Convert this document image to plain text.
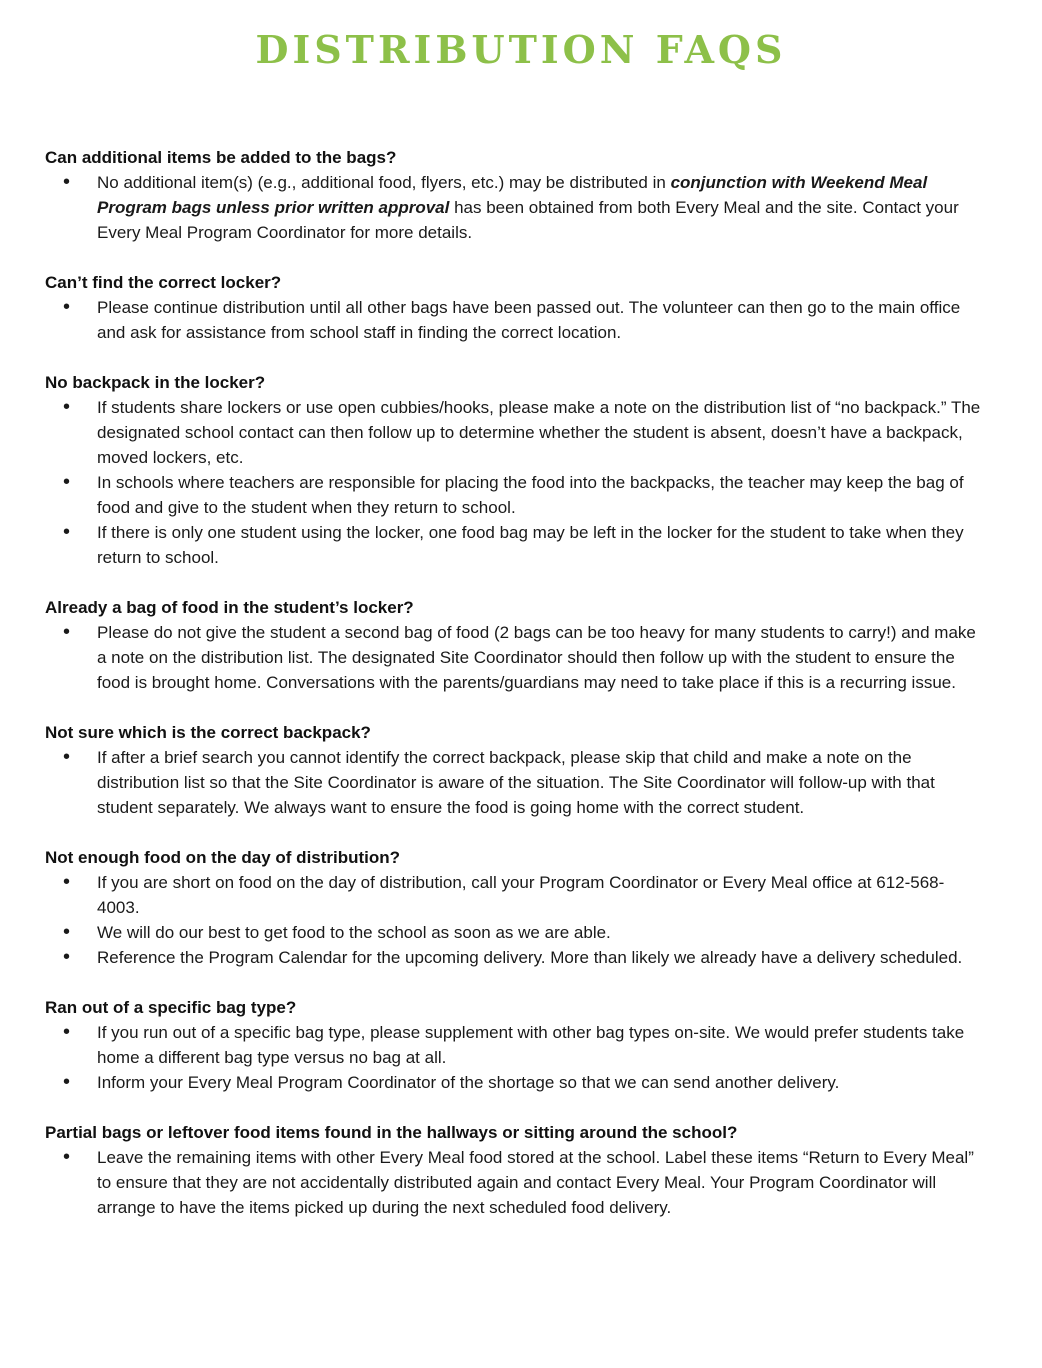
DISTRIBUTION FAQS

Can additional items be added to the bags?

• No additional item(s) (e.g., additional food, flyers, etc.) may be distributed in conjunction with Weekend Meal Program bags unless prior written approval has been obtained from both Every Meal and the site. Contact your Every Meal Program Coordinator for more details.

Can’t find the correct locker?

• Please continue distribution until all other bags have been passed out. The volunteer can then go to the main office and ask for assistance from school staff in finding the correct location.

No backpack in the locker?

• If students share lockers or use open cubbies/hooks, please make a note on the distribution list of “no backpack.” The designated school contact can then follow up to determine whether the student is absent, doesn’t have a backpack, moved lockers, etc.
• In schools where teachers are responsible for placing the food into the backpacks, the teacher may keep the bag of food and give to the student when they return to school.
• If there is only one student using the locker, one food bag may be left in the locker for the student to take when they return to school.

Already a bag of food in the student’s locker?

• Please do not give the student a second bag of food (2 bags can be too heavy for many students to carry!) and make a note on the distribution list. The designated Site Coordinator should then follow up with the student to ensure the food is brought home. Conversations with the parents/guardians may need to take place if this is a recurring issue.

Not sure which is the correct backpack?

• If after a brief search you cannot identify the correct backpack, please skip that child and make a note on the distribution list so that the Site Coordinator is aware of the situation. The Site Coordinator will follow-up with that student separately. We always want to ensure the food is going home with the correct student.

Not enough food on the day of distribution?

• If you are short on food on the day of distribution, call your Program Coordinator or Every Meal office at 612-568-4003.
• We will do our best to get food to the school as soon as we are able.
• Reference the Program Calendar for the upcoming delivery. More than likely we already have a delivery scheduled.

Ran out of a specific bag type?

• If you run out of a specific bag type, please supplement with other bag types on-site. We would prefer students take home a different bag type versus no bag at all.
• Inform your Every Meal Program Coordinator of the shortage so that we can send another delivery.

Partial bags or leftover food items found in the hallways or sitting around the school?

• Leave the remaining items with other Every Meal food stored at the school. Label these items “Return to Every Meal” to ensure that they are not accidentally distributed again and contact Every Meal. Your Program Coordinator will arrange to have the items picked up during the next scheduled food delivery.
